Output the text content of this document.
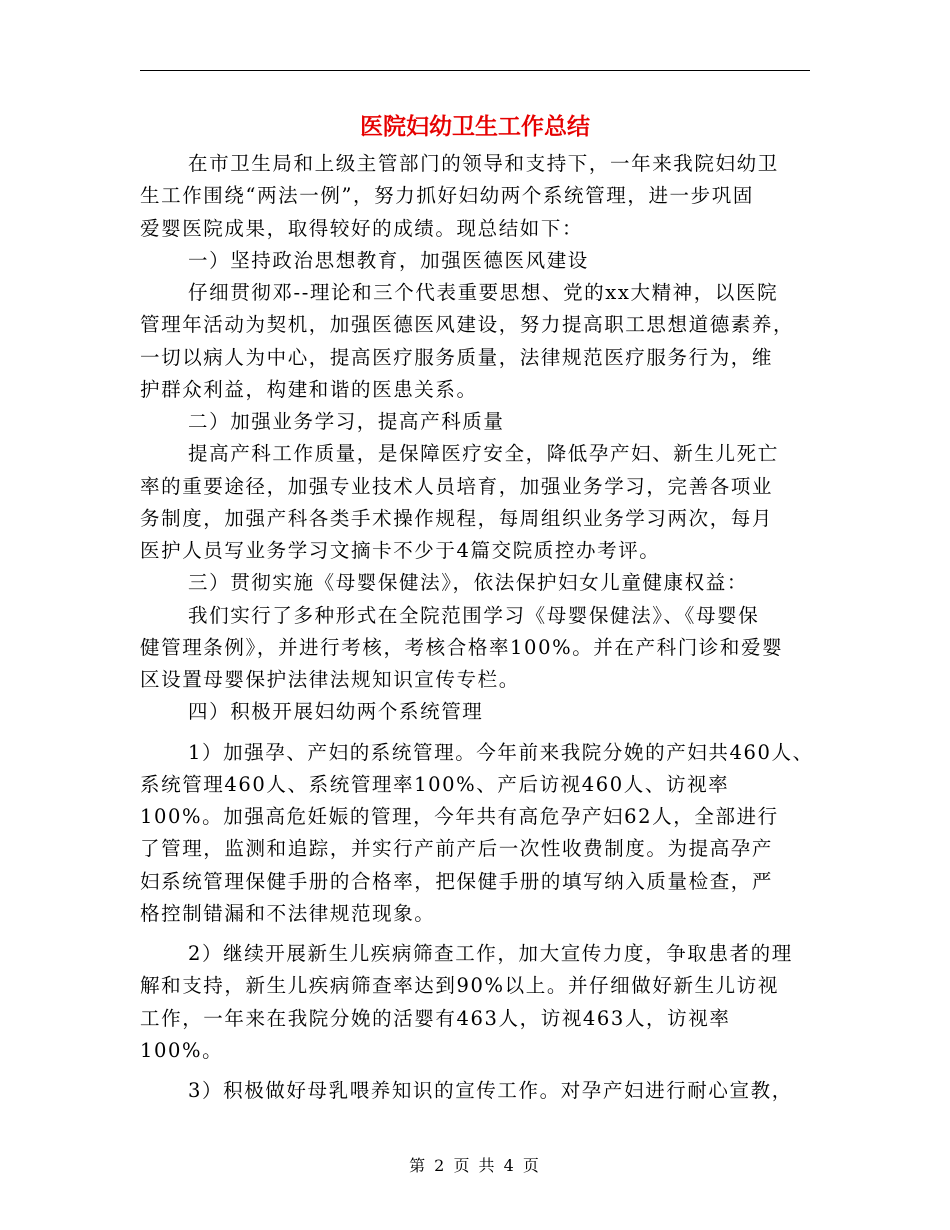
医院妇幼卫生工作总结
在市卫生局和上级主管部门的领导和支持下，一年来我院妇幼卫
生工作围绕“两法一例”，努力抓好妇幼两个系统管理，进一步巩固
爱婴医院成果，取得较好的成绩。现总结如下：
一）坚持政治思想教育，加强医德医风建设
仔细贯彻邓--理论和三个代表重要思想、党的xx大精神，以医院
管理年活动为契机，加强医德医风建设，努力提高职工思想道德素养，
一切以病人为中心，提高医疗服务质量，法律规范医疗服务行为，维
护群众利益，构建和谐的医患关系。
二）加强业务学习，提高产科质量
提高产科工作质量，是保障医疗安全，降低孕产妇、新生儿死亡
率的重要途径，加强专业技术人员培育，加强业务学习，完善各项业
务制度，加强产科各类手术操作规程，每周组织业务学习两次，每月
医护人员写业务学习文摘卡不少于4篇交院质控办考评。
三）贯彻实施《母婴保健法》，依法保护妇女儿童健康权益：
我们实行了多种形式在全院范围学习《母婴保健法》、《母婴保
健管理条例》，并进行考核，考核合格率100%。并在产科门诊和爱婴
区设置母婴保护法律法规知识宣传专栏。
四）积极开展妇幼两个系统管理
1）加强孕、产妇的系统管理。今年前来我院分娩的产妇共460人、
系统管理460人、系统管理率100%、产后访视460人、访视率
100%。加强高危妊娠的管理，今年共有高危孕产妇62人，全部进行
了管理，监测和追踪，并实行产前产后一次性收费制度。为提高孕产
妇系统管理保健手册的合格率，把保健手册的填写纳入质量检查，严
格控制错漏和不法律规范现象。
2）继续开展新生儿疾病筛查工作，加大宣传力度，争取患者的理
解和支持，新生儿疾病筛查率达到90%以上。并仔细做好新生儿访视
工作，一年来在我院分娩的活婴有463人，访视463人，访视率
100%。
3）积极做好母乳喂养知识的宣传工作。对孕产妇进行耐心宣教，
第 2 页 共 4 页
